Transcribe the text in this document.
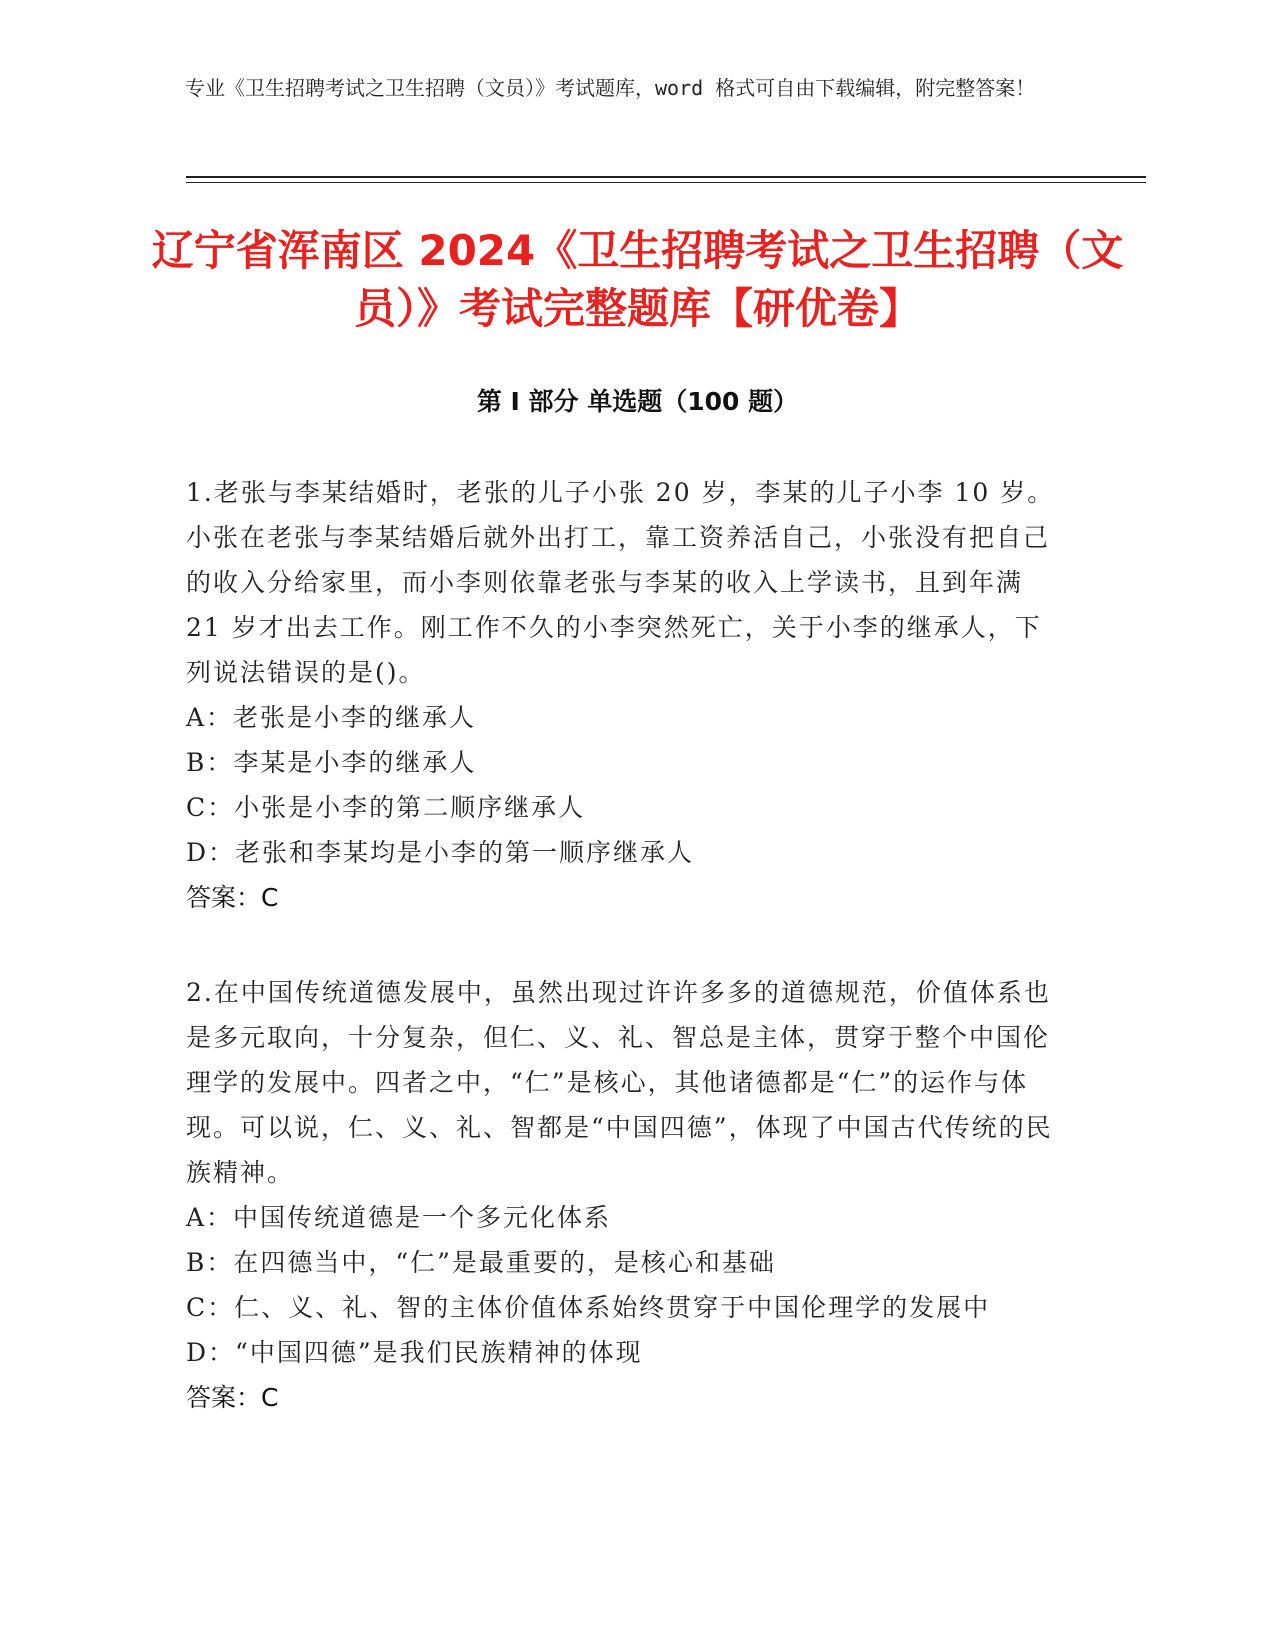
专业《卫生招聘考试之卫生招聘（文员）》考试题库，word 格式可自由下载编辑，附完整答案！
辽宁省浑南区 2024《卫生招聘考试之卫生招聘（文员）》考试完整题库【研优卷】
第 I 部分 单选题（100 题）

1.老张与李某结婚时，老张的儿子小张 20 岁，李某的儿子小李 10 岁。小张在老张与李某结婚后就外出打工，靠工资养活自己，小张没有把自己的收入分给家里，而小李则依靠老张与李某的收入上学读书，且到年满 21 岁才出去工作。刚工作不久的小李突然死亡，关于小李的继承人，下列说法错误的是()。

A：老张是小李的继承人

B：李某是小李的继承人

C：小张是小李的第二顺序继承人

D：老张和李某均是小李的第一顺序继承人

答案：C

2.在中国传统道德发展中，虽然出现过许许多多的道德规范，价值体系也是多元取向，十分复杂，但仁、义、礼、智总是主体，贯穿于整个中国伦理学的发展中。四者之中，“仁”是核心，其他诸德都是“仁”的运作与体现。可以说，仁、义、礼、智都是“中国四德”，体现了中国古代传统的民族精神。

A：中国传统道德是一个多元化体系

B：在四德当中，“仁”是最重要的，是核心和基础

C：仁、义、礼、智的主体价值体系始终贯穿于中国伦理学的发展中

D：“中国四德”是我们民族精神的体现

答案：C
